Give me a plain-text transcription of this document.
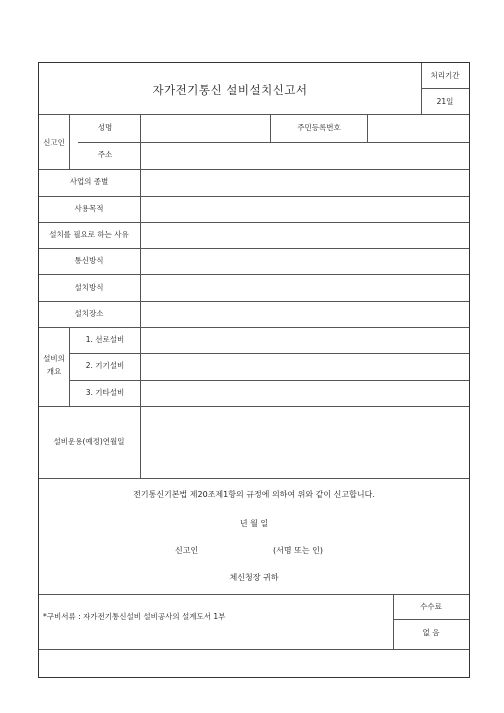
자가전기통신 설비설치신고서
처리기간
21일
신고인
성명	주민등록번호
주소
사업의 종별
사용목적
설치를 필요로 하는 사유
통신방식
설치방식
설치장소
설비의
개요
1. 선로설비
2. 기기설비
3. 기타설비
설비운용(예정)연월일
전기통신기본법 제20조제1항의 규정에 의하여 위와 같이 신고합니다.
년 월 일
신고인	(서명 또는 인)
체신청장 귀하
*구비서류 : 자가전기통신설비 설비공사의 설계도서 1부
수수료
없 음
